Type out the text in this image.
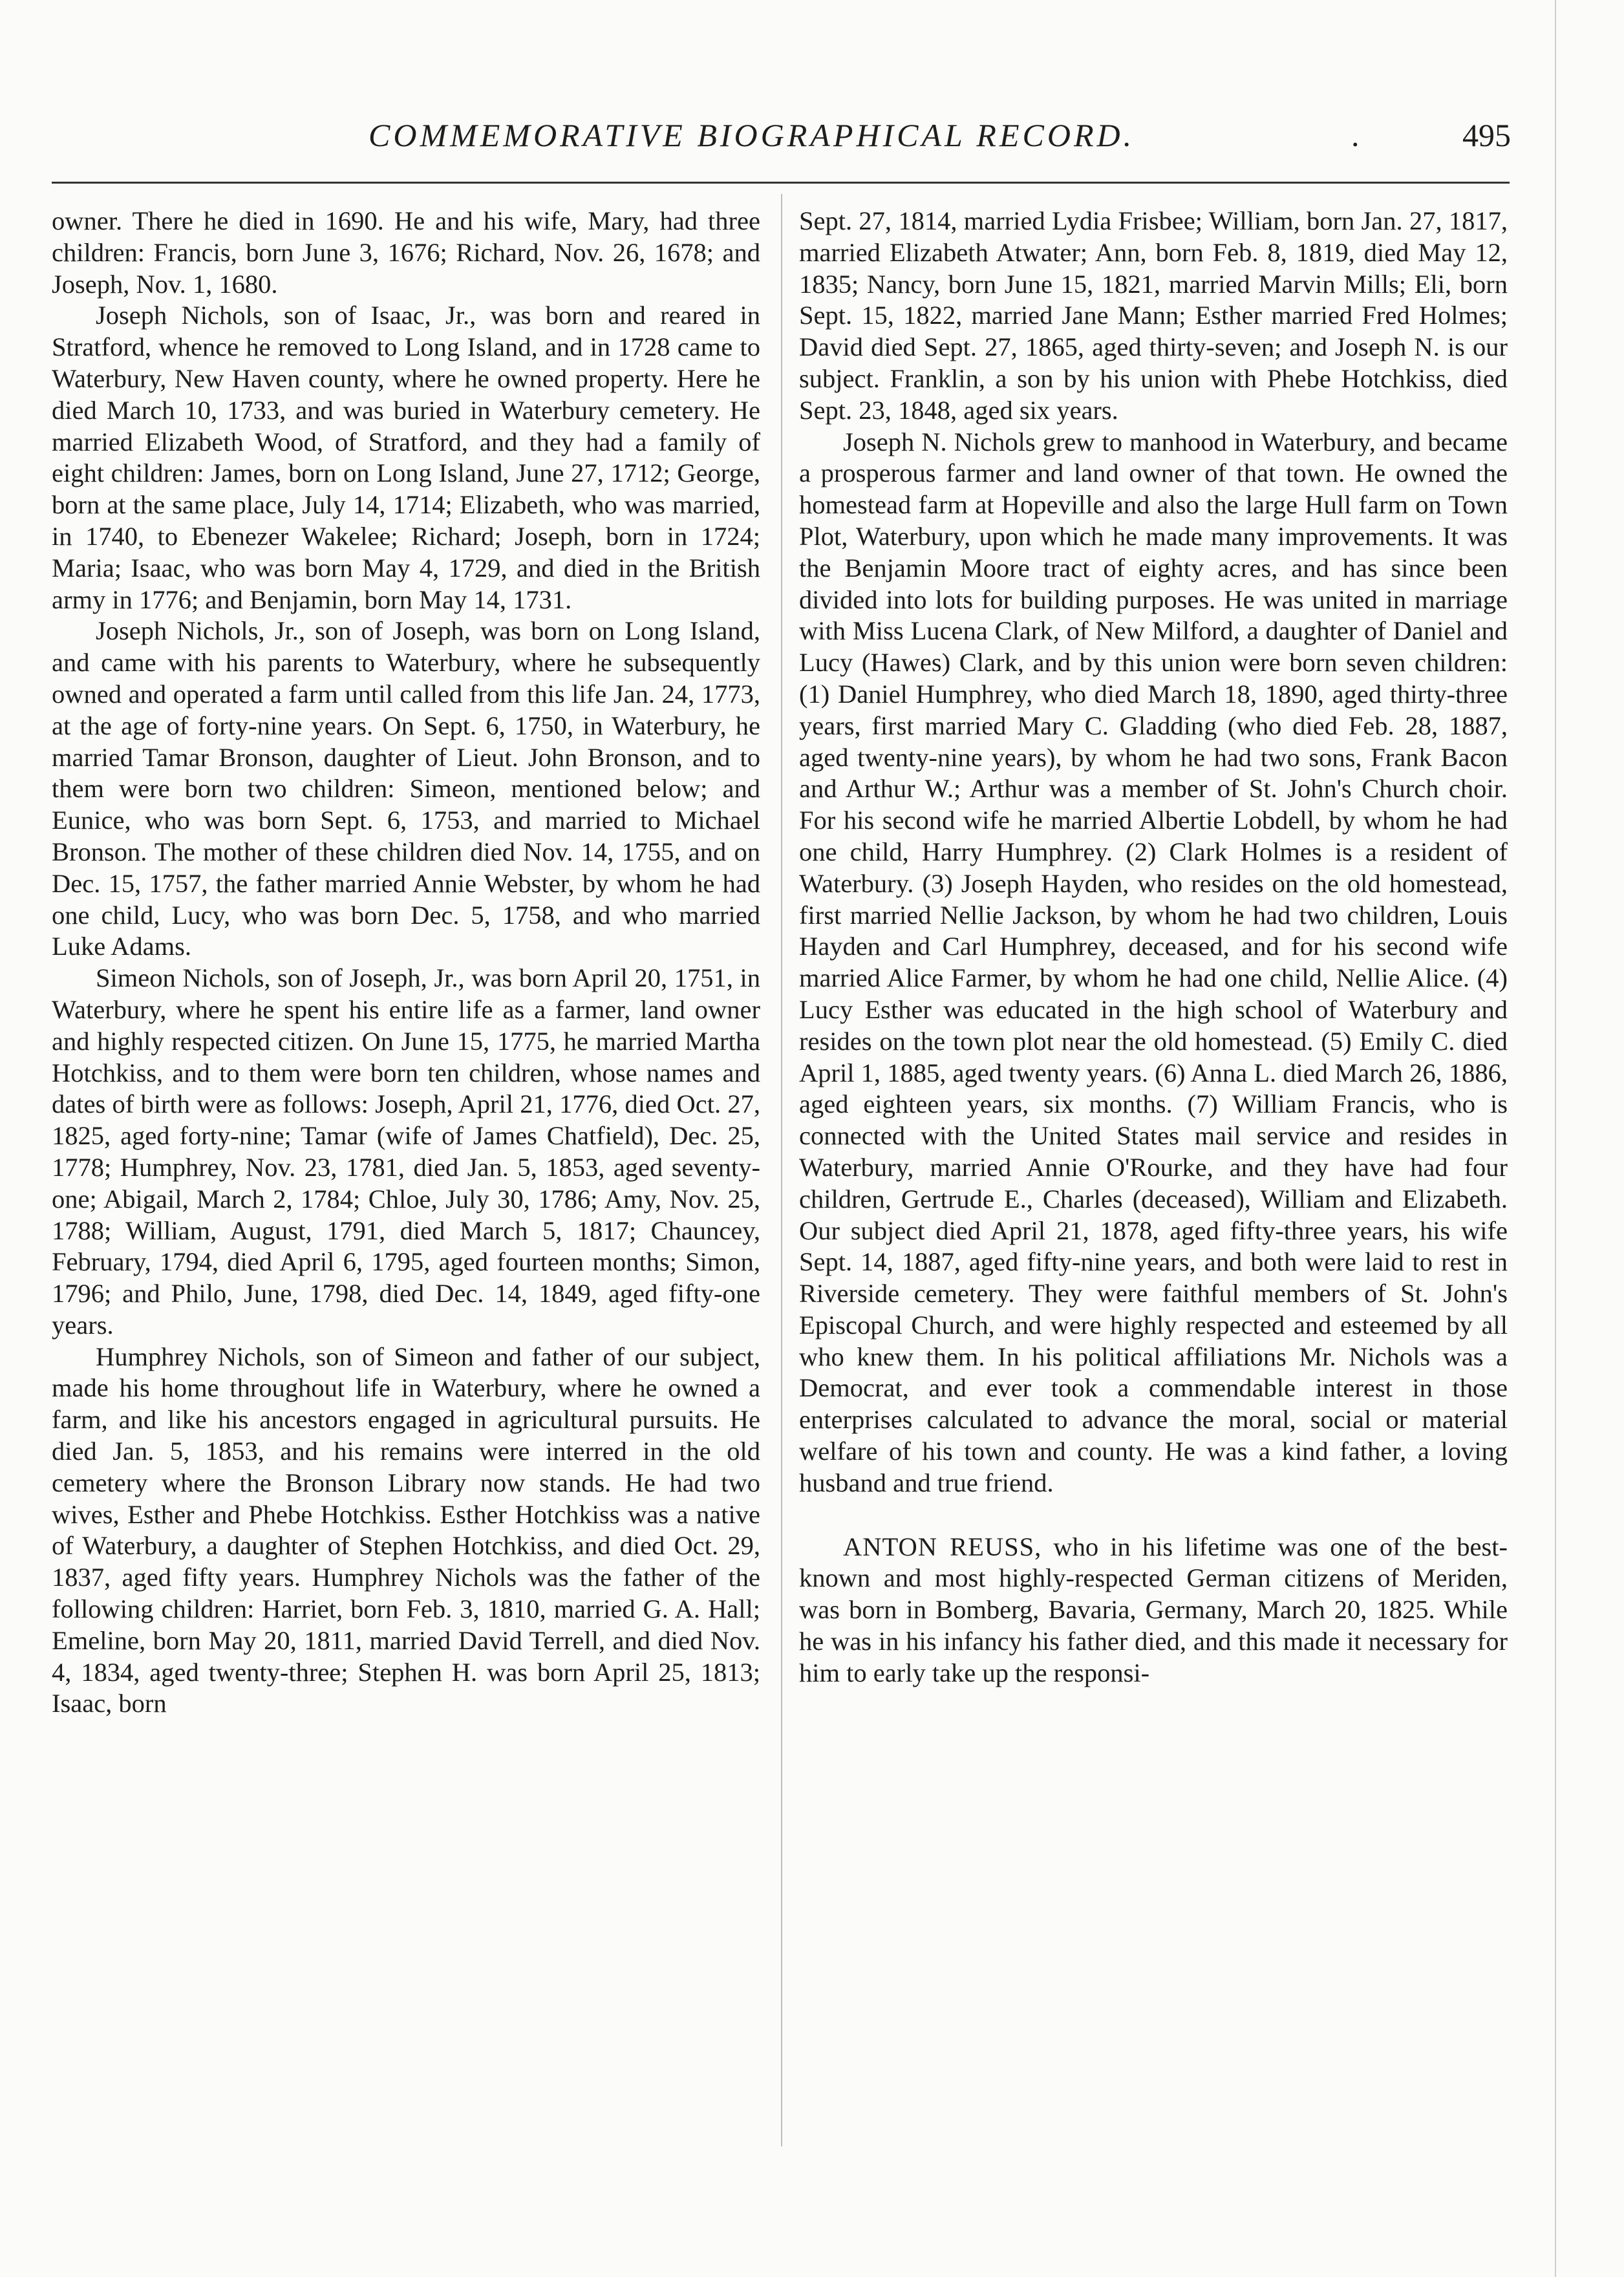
COMMEMORATIVE BIOGRAPHICAL RECORD.	.	495

owner. There he died in 1690. He and his wife, Mary, had three children: Francis, born June 3, 1676; Richard, Nov. 26, 1678; and Joseph, Nov. 1, 1680.

Joseph Nichols, son of Isaac, Jr., was born and reared in Stratford, whence he removed to Long Island, and in 1728 came to Waterbury, New Haven county, where he owned property. Here he died March 10, 1733, and was buried in Waterbury cemetery. He married Elizabeth Wood, of Stratford, and they had a family of eight children: James, born on Long Island, June 27, 1712; George, born at the same place, July 14, 1714; Elizabeth, who was married, in 1740, to Ebenezer Wakelee; Richard; Joseph, born in 1724; Maria; Isaac, who was born May 4, 1729, and died in the British army in 1776; and Benjamin, born May 14, 1731.

Joseph Nichols, Jr., son of Joseph, was born on Long Island, and came with his parents to Waterbury, where he subsequently owned and operated a farm until called from this life Jan. 24, 1773, at the age of forty-nine years. On Sept. 6, 1750, in Waterbury, he married Tamar Bronson, daughter of Lieut. John Bronson, and to them were born two children: Simeon, mentioned below; and Eunice, who was born Sept. 6, 1753, and married to Michael Bronson. The mother of these children died Nov. 14, 1755, and on Dec. 15, 1757, the father married Annie Webster, by whom he had one child, Lucy, who was born Dec. 5, 1758, and who married Luke Adams.

Simeon Nichols, son of Joseph, Jr., was born April 20, 1751, in Waterbury, where he spent his entire life as a farmer, land owner and highly respected citizen. On June 15, 1775, he married Martha Hotchkiss, and to them were born ten children, whose names and dates of birth were as follows: Joseph, April 21, 1776, died Oct. 27, 1825, aged forty-nine; Tamar (wife of James Chatfield), Dec. 25, 1778; Humphrey, Nov. 23, 1781, died Jan. 5, 1853, aged seventy-one; Abigail, March 2, 1784; Chloe, July 30, 1786; Amy, Nov. 25, 1788; William, August, 1791, died March 5, 1817; Chauncey, February, 1794, died April 6, 1795, aged fourteen months; Simon, 1796; and Philo, June, 1798, died Dec. 14, 1849, aged fifty-one years.

Humphrey Nichols, son of Simeon and father of our subject, made his home throughout life in Waterbury, where he owned a farm, and like his ancestors engaged in agricultural pursuits. He died Jan. 5, 1853, and his remains were interred in the old cemetery where the Bronson Library now stands. He had two wives, Esther and Phebe Hotchkiss. Esther Hotchkiss was a native of Waterbury, a daughter of Stephen Hotchkiss, and died Oct. 29, 1837, aged fifty years. Humphrey Nichols was the father of the following children: Harriet, born Feb. 3, 1810, married G. A. Hall; Emeline, born May 20, 1811, married David Terrell, and died Nov. 4, 1834, aged twenty-three; Stephen H. was born April 25, 1813; Isaac, born

Sept. 27, 1814, married Lydia Frisbee; William, born Jan. 27, 1817, married Elizabeth Atwater; Ann, born Feb. 8, 1819, died May 12, 1835; Nancy, born June 15, 1821, married Marvin Mills; Eli, born Sept. 15, 1822, married Jane Mann; Esther married Fred Holmes; David died Sept. 27, 1865, aged thirty-seven; and Joseph N. is our subject. Franklin, a son by his union with Phebe Hotchkiss, died Sept. 23, 1848, aged six years.

Joseph N. Nichols grew to manhood in Waterbury, and became a prosperous farmer and land owner of that town. He owned the homestead farm at Hopeville and also the large Hull farm on Town Plot, Waterbury, upon which he made many improvements. It was the Benjamin Moore tract of eighty acres, and has since been divided into lots for building purposes. He was united in marriage with Miss Lucena Clark, of New Milford, a daughter of Daniel and Lucy (Hawes) Clark, and by this union were born seven children: (1) Daniel Humphrey, who died March 18, 1890, aged thirty-three years, first married Mary C. Gladding (who died Feb. 28, 1887, aged twenty-nine years), by whom he had two sons, Frank Bacon and Arthur W.; Arthur was a member of St. John's Church choir. For his second wife he married Albertie Lobdell, by whom he had one child, Harry Humphrey. (2) Clark Holmes is a resident of Waterbury. (3) Joseph Hayden, who resides on the old homestead, first married Nellie Jackson, by whom he had two children, Louis Hayden and Carl Humphrey, deceased, and for his second wife married Alice Farmer, by whom he had one child, Nellie Alice. (4) Lucy Esther was educated in the high school of Waterbury and resides on the town plot near the old homestead. (5) Emily C. died April 1, 1885, aged twenty years. (6) Anna L. died March 26, 1886, aged eighteen years, six months. (7) William Francis, who is connected with the United States mail service and resides in Waterbury, married Annie O'Rourke, and they have had four children, Gertrude E., Charles (deceased), William and Elizabeth. Our subject died April 21, 1878, aged fifty-three years, his wife Sept. 14, 1887, aged fifty-nine years, and both were laid to rest in Riverside cemetery. They were faithful members of St. John's Episcopal Church, and were highly respected and esteemed by all who knew them. In his political affiliations Mr. Nichols was a Democrat, and ever took a commendable interest in those enterprises calculated to advance the moral, social or material welfare of his town and county. He was a kind father, a loving husband and true friend.

ANTON REUSS, who in his lifetime was one of the best-known and most highly-respected German citizens of Meriden, was born in Bomberg, Bavaria, Germany, March 20, 1825. While he was in his infancy his father died, and this made it necessary for him to early take up the responsi-
